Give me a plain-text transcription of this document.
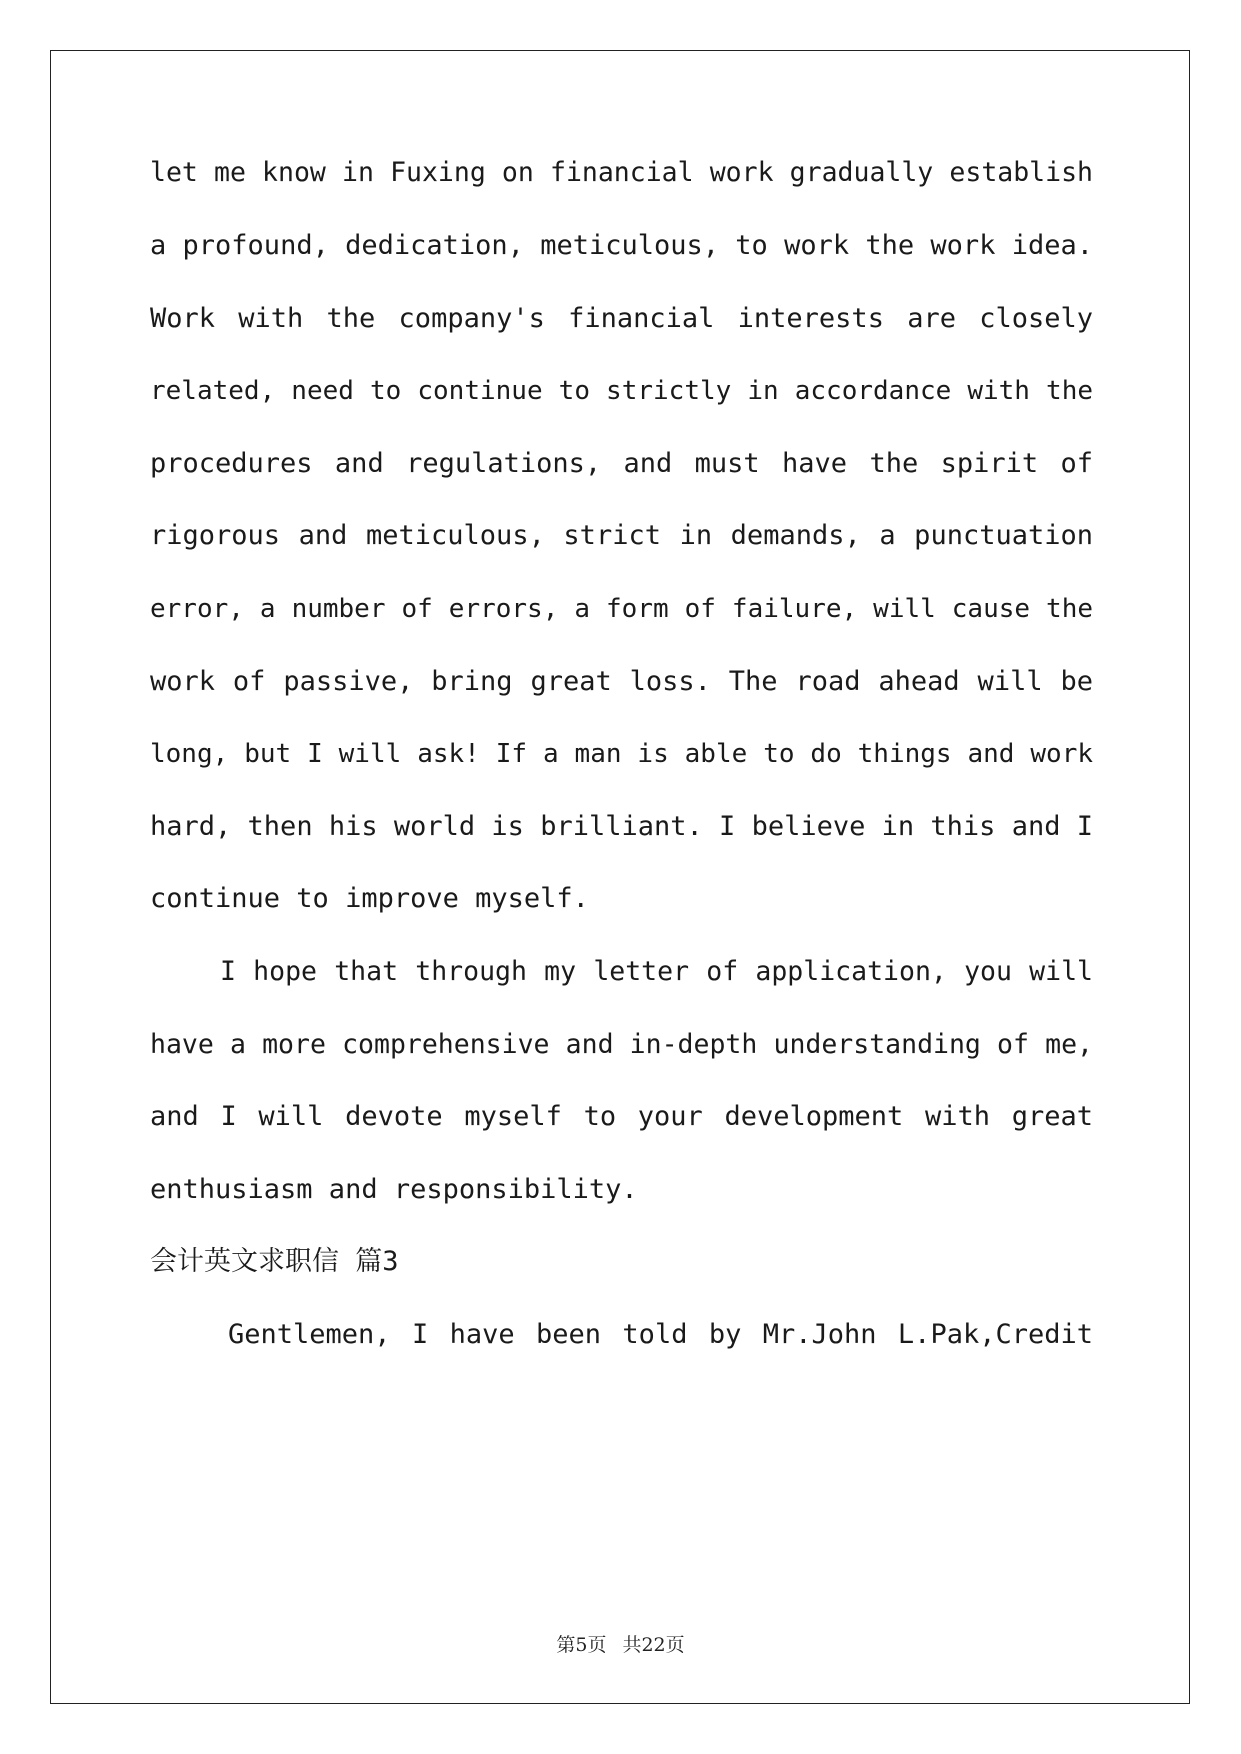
let me know in Fuxing on financial work gradually establish
a profound, dedication, meticulous, to work the work idea.
Work with the company's financial interests are closely
related, need to continue to strictly in accordance with the
procedures and regulations, and must have the spirit of
rigorous and meticulous, strict in demands, a punctuation
error, a number of errors, a form of failure, will cause the
work of passive, bring great loss. The road ahead will be
long, but I will ask! If a man is able to do things and work
hard, then his world is brilliant. I believe in this and I
continue to improve myself.
I hope that through my letter of application, you will
have a more comprehensive and in-depth understanding of me,
and I will devote myself to your development with great
enthusiasm and responsibility.
会计英文求职信 篇3
Gentlemen, I have been told by Mr.John L.Pak,Credit
第5页 共22页
